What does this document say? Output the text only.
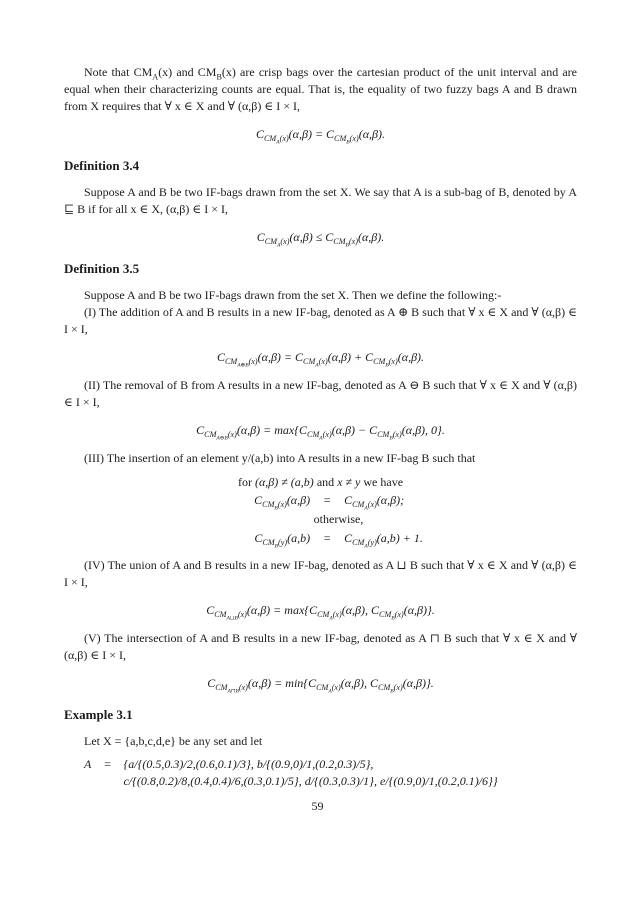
Note that $CM_A(x)$ and $CM_B(x)$ are crisp bags over the cartesian product of the unit interval and are equal when their characterizing counts are equal. That is, the equality of two fuzzy bags A and B drawn from X requires that ∀ x ∈ X and ∀ (α,β) ∈ I × I,

$C_{CM_A(x)}(\alpha,\beta) = C_{CM_B(x)}(\alpha,\beta)$.
Definition 3.4

Suppose A and B be two IF-bags drawn from the set X. We say that A is a sub-bag of B, denoted by A ⊑ B if for all x ∈ X, (α,β) ∈ I × I,

$C_{CM_A(x)}(\alpha,\beta) \le C_{CM_B(x)}(\alpha,\beta)$.
Definition 3.5

Suppose A and B be two IF-bags drawn from the set X. Then we define the following:-

(I) The addition of A and B results in a new IF-bag, denoted as A ⊕ B such that ∀ x ∈ X and ∀ (α,β) ∈ I × I,

$C_{CM_{A\oplus B}(x)}(\alpha,\beta) = C_{CM_A(x)}(\alpha,\beta) + C_{CM_B(x)}(\alpha,\beta)$.

(II) The removal of B from A results in a new IF-bag, denoted as A ⊖ B such that ∀ x ∈ X and ∀ (α,β) ∈ I × I,

$C_{CM_{A⊖B}(x)}(\alpha,\beta) = \max\{C_{CM_A(x)}(\alpha,\beta) - C_{CM_B(x)}(\alpha,\beta)$, 0}.

(III) The insertion of an element y/(a,b) into A results in a new IF-bag B such that

for (α,β) ≠ (a,b) and x ≠ y we have
$C_{CM_B(x)}(\alpha,\beta)$	=	$C_{CM_A(x)}(\alpha,\beta)$;
otherwise,
$C_{CM_B(y)}(a,b)$	=	$C_{CM_A(y)}(a,b) + 1$.

(IV) The union of A and B results in a new IF-bag, denoted as A ⊔ B such that ∀ x ∈ X and ∀ (α,β) ∈ I × I,

$C_{CM_{A⊔B}(x)}(\alpha,\beta) = \max\{C_{CM_A(x)}(\alpha,\beta)$, $C_{CM_B(x)}(\alpha,\beta)$}.

(V) The intersection of A and B results in a new IF-bag, denoted as A ⊓ B such that ∀ x ∈ X and ∀ (α,β) ∈ I × I,

$C_{CM_{A⊓B}(x)}(\alpha,\beta) = \min\{C_{CM_A(x)}(\alpha,\beta)$, $C_{CM_B(x)}(\alpha,\beta)$}.
Example 3.1

Let X = {a,b,c,d,e} be any set and let

A = {a/{(0.5,0.3)/2,(0.6,0.1)/3}, b/{(0.9,0)/1,(0.2,0.3)/5},
c/{(0.8,0.2)/8,(0.4,0.4)/6,(0.3,0.1)/5}, d/{(0.3,0.3)/1}, e/{(0.9,0)/1,(0.2,0.1)/6}}
59
